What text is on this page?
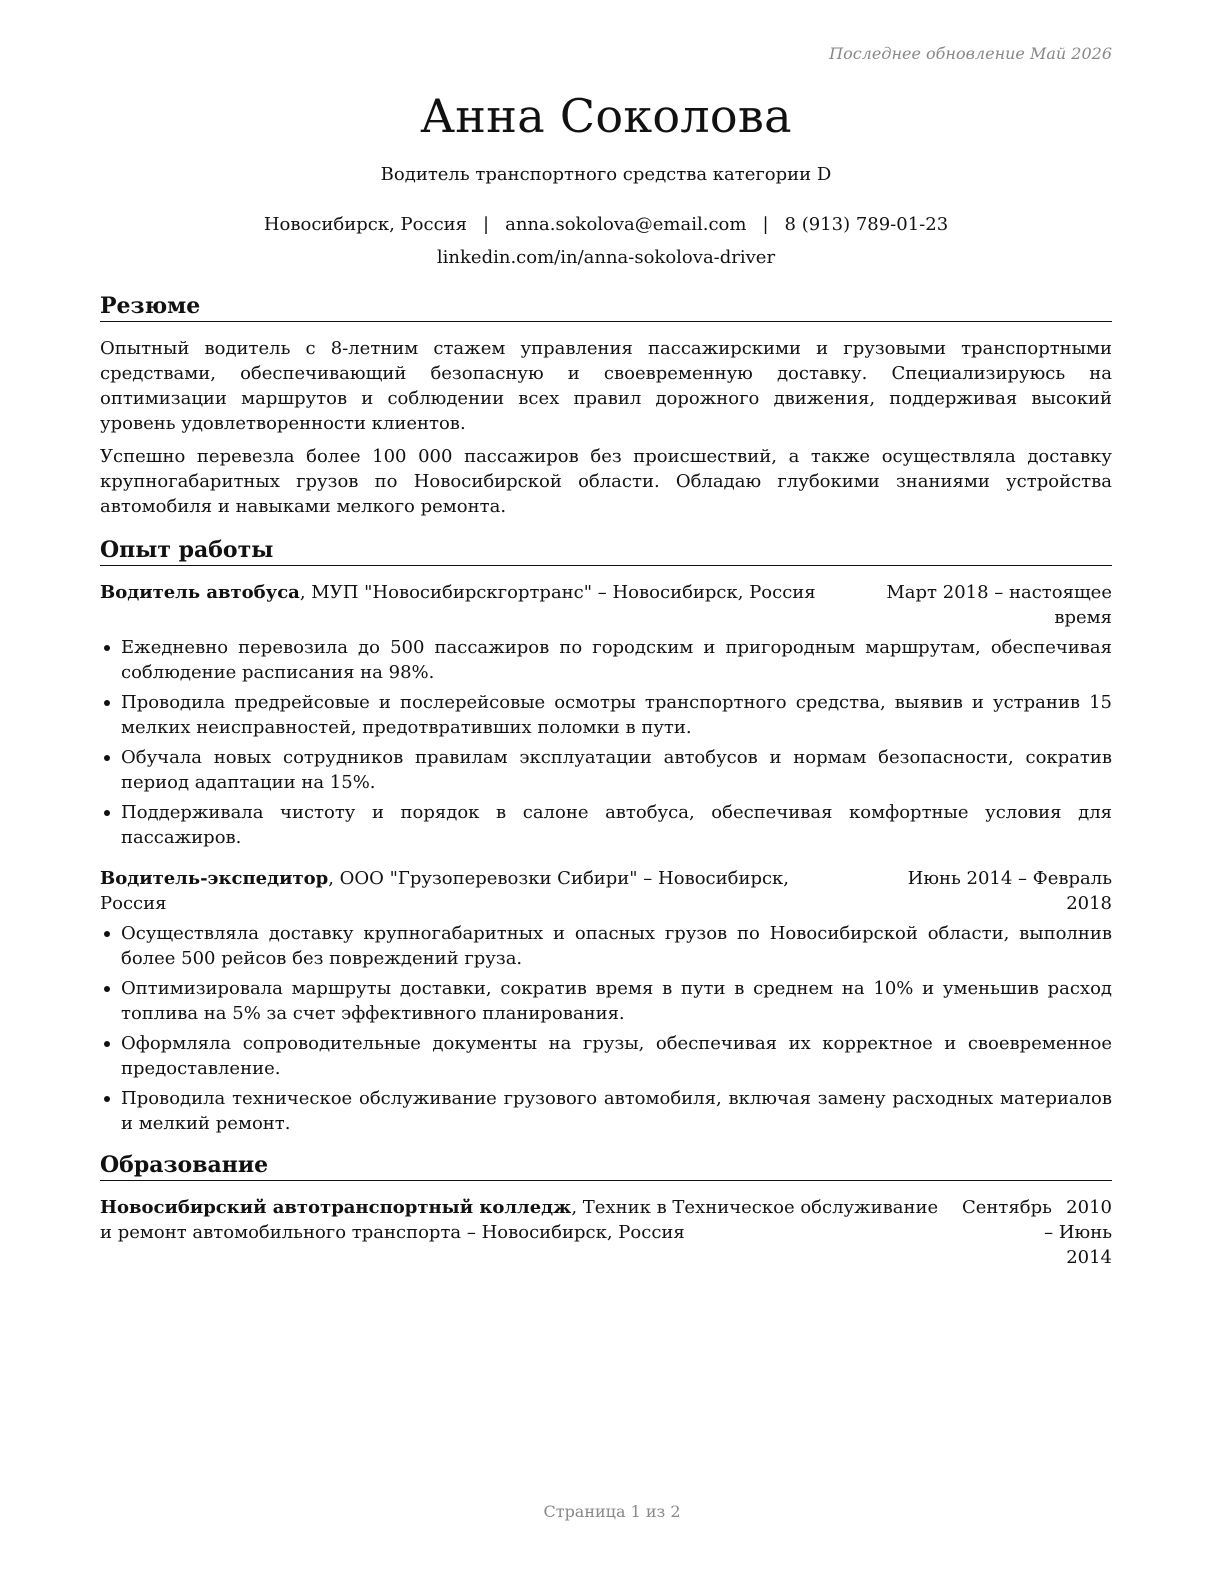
Последнее обновление Май 2026
Анна Соколова
Водитель транспортного средства категории D
Новосибирск, Россия | anna.sokolova@email.com | 8 (913) 789-01-23
linkedin.com/in/anna-sokolova-driver
Резюме

Опытный водитель с 8-летним стажем управления пассажирскими и грузовыми транспортными средствами, обеспечивающий безопасную и своевременную доставку. Специализируюсь на оптимизации маршрутов и соблюдении всех правил дорожного движения, поддерживая высокий уровень удовлетворенности клиентов.

Успешно перевезла более 100 000 пассажиров без происшествий, а также осуществляла доставку крупногабаритных грузов по Новосибирской области. Обладаю глубокими знаниями устройства автомобиля и навыками мелкого ремонта.

Опыт работы
Водитель автобуса, МУП "Новосибирскгортранс" – Новосибирск, Россия	Март 2018 – настоящее
время
Ежедневно перевозила до 500 пассажиров по городским и пригородным маршрутам, обеспечивая соблюдение расписания на 98%.
Проводила предрейсовые и послерейсовые осмотры транспортного средства, выявив и устранив 15 мелких неисправностей, предотвративших поломки в пути.
Обучала новых сотрудников правилам эксплуатации автобусов и нормам безопасности, сократив период адаптации на 15%.
Поддерживала чистоту и порядок в салоне автобуса, обеспечивая комфортные условия для пассажиров.
Водитель-экспедитор, ООО "Грузоперевозки Сибири" – Новосибирск, Россия
Июнь 2014 – Февраль
2018
Осуществляла доставку крупногабаритных и опасных грузов по Новосибирской области, выполнив более 500 рейсов без повреждений груза.
Оптимизировала маршруты доставки, сократив время в пути в среднем на 10% и уменьшив расход топлива на 5% за счет эффективного планирования.
Оформляла сопроводительные документы на грузы, обеспечивая их корректное и своевременное предоставление.
Проводила техническое обслуживание грузового автомобиля, включая замену расходных материалов и мелкий ремонт.
Образование
Новосибирский автотранспортный колледж, Техник в Техническое обслуживание и ремонт автомобильного транспорта – Новосибирск, Россия
Сентябрь 2010 – Июнь
2014
Страница 1 из 2
